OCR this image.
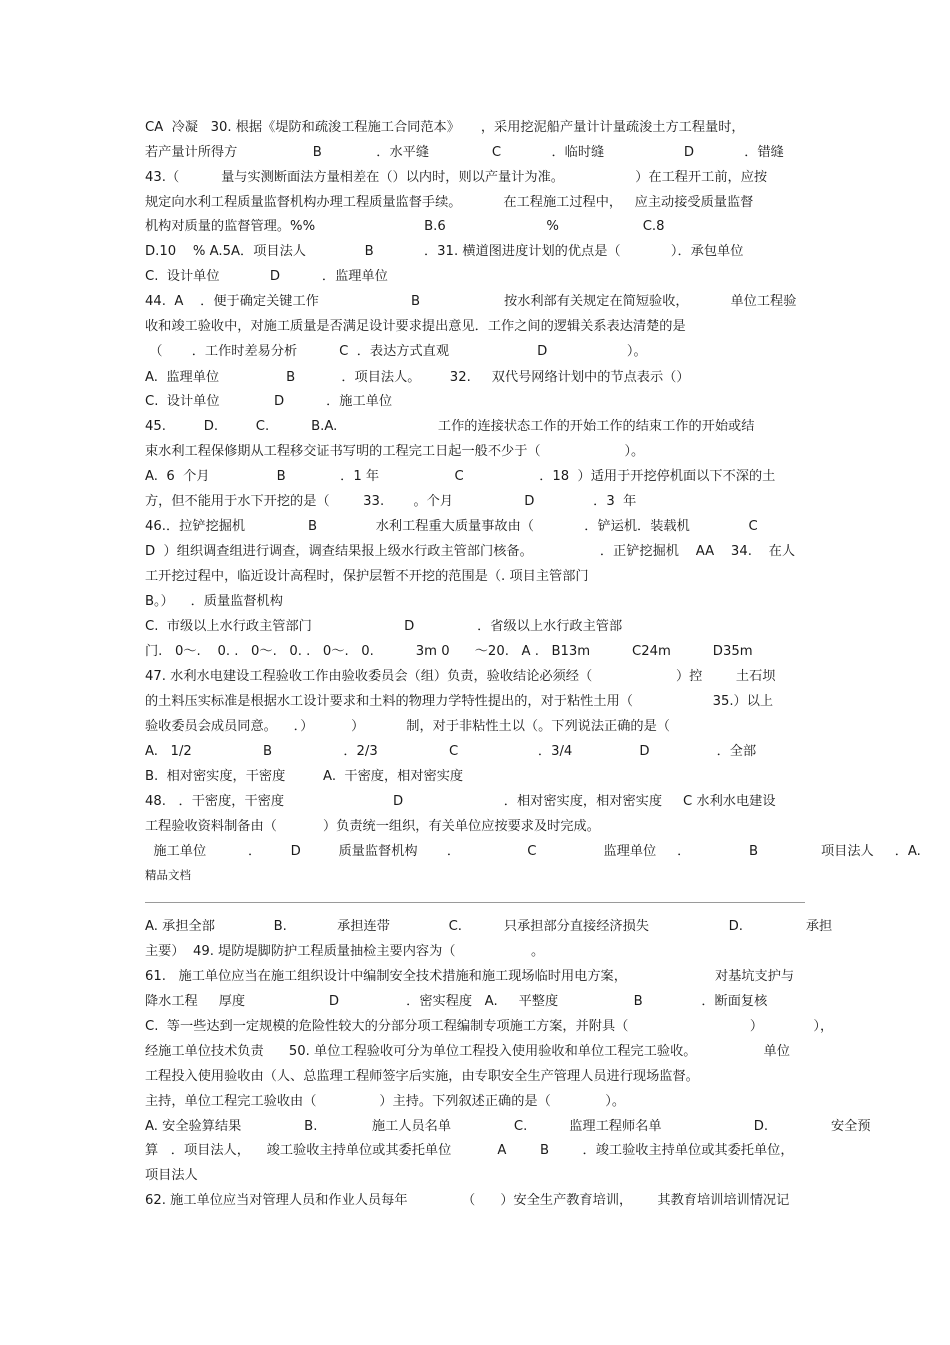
CA  冷凝   30. 根据《堤防和疏浚工程施工合同范本》     ，采用挖泥船产量计计量疏浚土方工程量时，
若产量计所得方                  B             ．水平缝               C            ．临时缝                   D            ．错缝
43.（          量与实测断面法方量相差在（）以内时，则以产量计为准。                 ）在工程开工前，应按
规定向水利工程质量监督机构办理工程质量监督手续。          在工程施工过程中，   应主动接受质量监督
机构对质量的监督管理。%%                          B.6                        %                    C.8
D.10    % A.5A．项目法人              B            ．31. 横道图进度计划的优点是（            ）．承包单位
C.  设计单位            D          ．监理单位
44.  A    ．便于确定关键工作                      B                    按水利部有关规定在简短验收，          单位工程验
收和竣工验收中，对施工质量是否满足设计要求提出意见．工作之间的逻辑关系表达清楚的是
（       ．工作时差易分析          C  ．表达方式直观                     D                   ）。
A.  监理单位                B           ．项目法人。       32.     双代号网络计划中的节点表示（）
C.  设计单位             D          ．施工单位
45.         D.         C.          B.A.                        工作的连接状态工作的开始工作的结束工作的开始或结
束水利工程保修期从工程移交证书写明的工程完工日起一般不少于（                    ）。
A.  6  个月                B             ．1 年                  C                  ．18  ）适用于开挖停机面以下不深的土
方，但不能用于水下开挖的是（        33.       。个月                 D              ．3  年
46.．拉铲挖掘机               B              水利工程重大质量事故由（            ．铲运机．装载机              C
D  ）组织调查组进行调查，调查结果报上级水行政主管部门核备。                ．正铲挖掘机    AA    34.    在人
工开挖过程中，临近设计高程时，保护层暂不开挖的范围是（. 项目主管部门
B。）    ．质量监督机构
C.  市级以上水行政主管部门                      D               ．省级以上水行政主管部
门.   0～.    0. .   0～.   0. .   0～.   0.          3m 0      ～20.   A .   B13m          C24m          D35m
47. 水利水电建设工程验收工作由验收委员会（组）负责，验收结论必须经（                    ）控        土石坝
的土料压实标准是根据水工设计要求和土料的物理力学特性提出的，对于粘性土用（                   35.）以上
验收委员会成员同意。    ．）         ）          制，对于非粘性土以（。下列说法正确的是（
A.   1/2                 B                 ．2/3                 C                   ．3/4                D                ．全部
B.  相对密实度，干密度         A.  干密度，相对密实度
48.   ．干密度，干密度                          D                        ．相对密实度，相对密实度     C 水利水电建设
工程验收资料制备由（           ）负责统一组织，有关单位应按要求及时完成。
施工单位          ．       D         质量监督机构       ．                C                监理单位     ．              B               项目法人     ．A.
精品文档
A. 承担全部              B.            承担连带              C.          只承担部分直接经济损失                   D.               承担
主要）  49. 堤防堤脚防护工程质量抽检主要内容为（                  。
61.   施工单位应当在施工组织设计中编制安全技术措施和施工现场临时用电方案，                     对基坑支护与
降水工程     厚度                    D                ．密实程度   A.     平整度                  B              ．断面复核
C.  等一些达到一定规模的危险性较大的分部分项工程编制专项施工方案，并附具（                             ）            ），
经施工单位技术负责      50. 单位工程验收可分为单位工程投入使用验收和单位工程完工验收。                单位
工程投入使用验收由（人、总监理工程师签字后实施，由专职安全生产管理人员进行现场监督。
主持，单位工程完工验收由（               ）主持。下列叙述正确的是（             ）。
A. 安全验算结果               B.             施工人员名单               C.          监理工程师名单                      D.               安全预
算   ．项目法人，    竣工验收主持单位或其委托单位           A        B        ．竣工验收主持单位或其委托单位，
项目法人
62. 施工单位应当对管理人员和作业人员每年             （      ）安全生产教育培训，      其教育培训培训情况记
